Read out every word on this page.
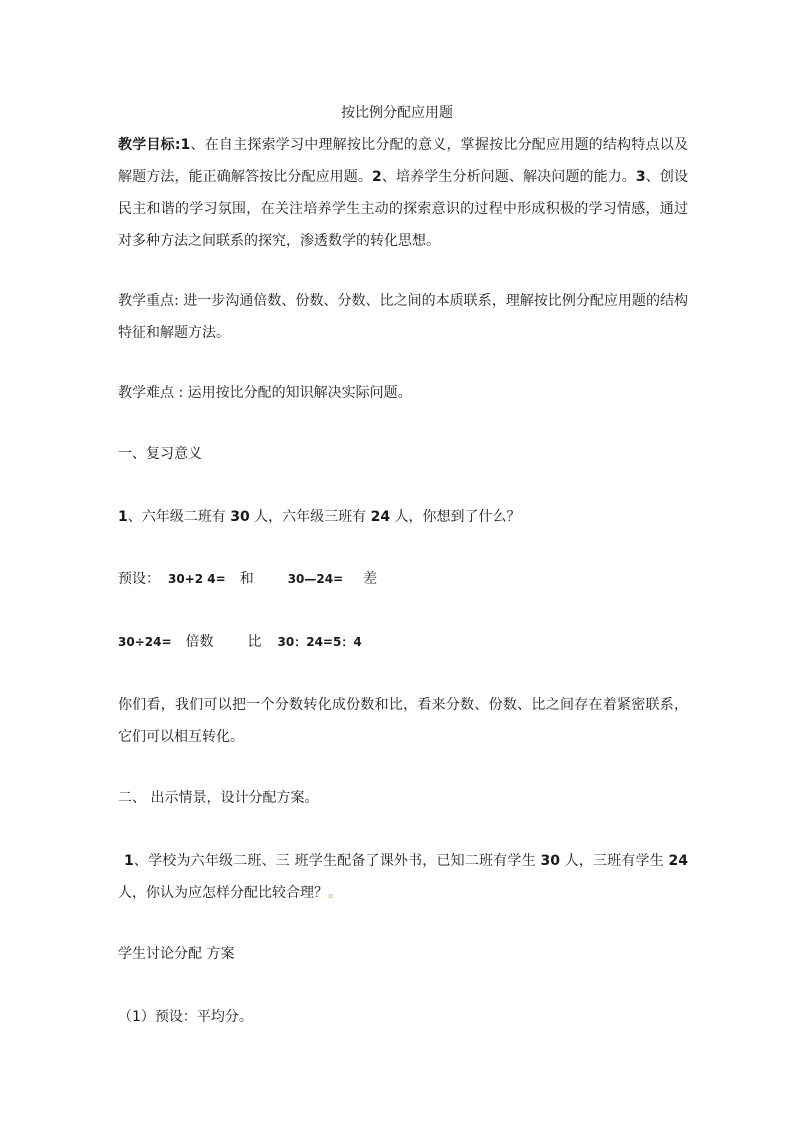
按比例分配应用题

教学目标:1、在自主探索学习中理解按比分配的意义，掌握按比分配应用题的结构特点以及解题方法，能正确解答按比分配应用题。2、培养学生分析问题、解决问题的能力。3、创设民主和谐的学习氛围，在关注培养学生主动的探索意识的过程中形成积极的学习情感，通过对多种方法之间联系的探究，渗透数学的转化思想。

教学重点: 进一步沟通倍数、份数、分数、比之间的本质联系，理解按比例分配应用题的结构特征和解题方法。

教学难点 : 运用按比分配的知识解决实际问题。

一、复习意义

1、六年级二班有 30 人，六年级三班有 24 人，你想到了什么？

预设： 30+2 4= 和	30—24= 差

30÷24= 倍数 比 30：24=5：4

你们看，我们可以把一个分数转化成份数和比，看来分数、份数、比之间存在着紧密联系，它们可以相互转化。

二、 出示情景，设计分配方案。

1、学校为六年级二班、三 班学生配备了课外书，已知二班有学生 30 人，三班有学生 24 人，你认为应怎样分配比较合理？。

学生讨论分配 方案

（1）预设：平均分。
